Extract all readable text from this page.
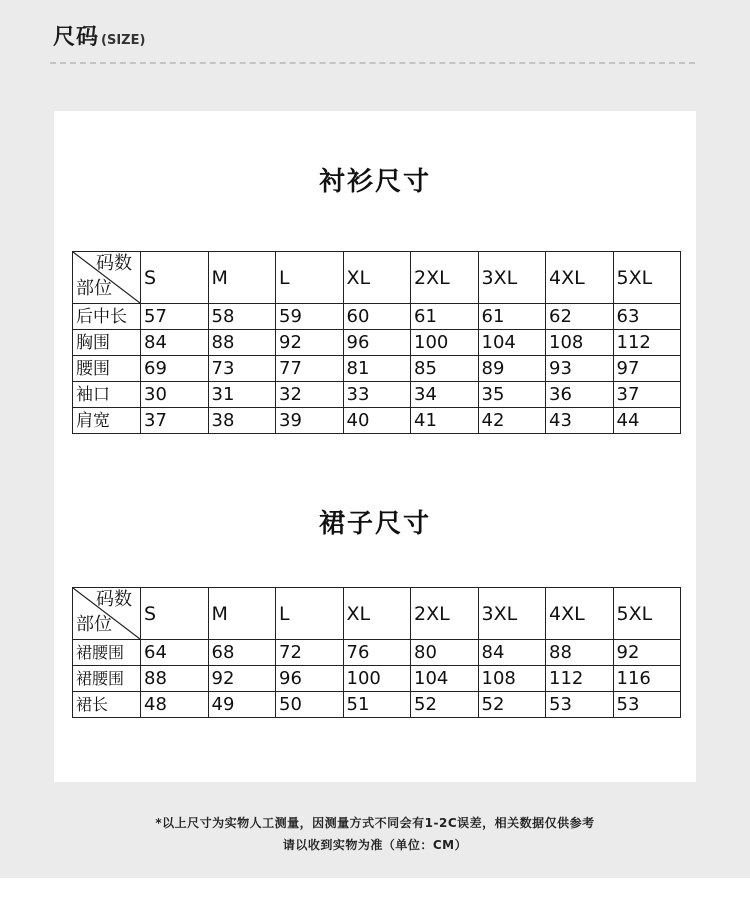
尺码 (SIZE)
衬衫尺寸
码数
部位	S	M	L	XL	2XL	3XL	4XL	5XL
后中长	57	58	59	60	61	61	62	63
胸围	84	88	92	96	100	104	108	112
腰围	69	73	77	81	85	89	93	97
袖口	30	31	32	33	34	35	36	37
肩宽	37	38	39	40	41	42	43	44
裙子尺寸
码数
部位	S	M	L	XL	2XL	3XL	4XL	5XL
裙腰围	64	68	72	76	80	84	88	92
裙腰围	88	92	96	100	104	108	112	116
裙长	48	49	50	51	52	52	53	53
*以上尺寸为实物人工测量，因测量方式不同会有1-2C误差，相关数据仅供参考
请以收到实物为准（单位：CM）
